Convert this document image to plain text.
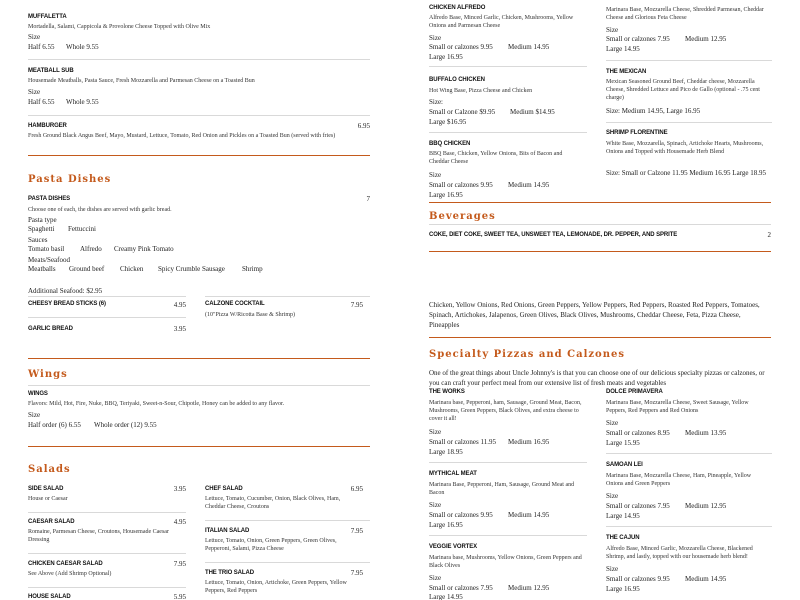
MUFFALETTA
Mortadella, Salami, Cappicola & Provolone Cheese Topped with Olive Mix
Size
Half 6.55 Whole 9.55
MEATBALL SUB
Housemade Meatballs, Pasta Sauce, Fresh Mozzarella and Parmesan Cheese on a Toasted Bun
Size
Half 6.55 Whole 9.55
HAMBURGER	6.95
Fresh Ground Black Angus Beef, Mayo, Mustard, Lettuce, Tomato, Red Onion and Pickles on a Toasted Bun (served with fries)
Pasta Dishes
PASTA DISHES	7
Choose one of each, the dishes are served with garlic bread.
Pasta type
Spaghetti Fettuccini
Sauces
Tomato basil Alfredo Creamy Pink Tomato
Meats/Seafood
Meatballs Ground beef Chicken Spicy Crumble Sausage Shrimp
Additional Seafood: $2.95
CHEESY BREAD STICKS (6)	4.95
GARLIC BREAD	3.95
CALZONE COCKTAIL	7.95
(10"Pizza W/Ricotta Base & Shrimp)
Wings
WINGS
Flavors: Mild, Hot, Fire, Nuke, BBQ, Teriyaki, Sweet-n-Sour, Chipotle, Honey can be added to any flavor.
Size
Half order (6) 6.55 Whole order (12) 9.55
Salads
SIDE SALAD	3.95
House or Caesar
CAESAR SALAD	4.95
Romaine, Parmesan Cheese, Croutons, Housemade Caesar Dressing
CHICKEN CAESAR SALAD	7.95
See Above (Add Shrimp Optional)
HOUSE SALAD	5.95
CHEF SALAD	6.95
Lettuce, Tomato, Cucumber, Onion, Black Olives, Ham, Cheddar Cheese, Croutons
ITALIAN SALAD	7.95
Lettuce, Tomato, Onion, Green Peppers, Green Olives, Pepperoni, Salami, Pizza Cheese
THE TRIO SALAD	7.95
Lettuce, Tomato, Onion, Artichoke, Green Peppers, Yellow Peppers, Red Peppers
CHICKEN ALFREDO
Alfredo Base, Minced Garlic, Chicken, Mushrooms, Yellow Onions and Parmesan Cheese
Size
Small or calzones 9.95 Medium 14.95
Large 16.95
BUFFALO CHICKEN
Hot Wing Base, Pizza Cheese and Chicken
Size:
Small or Calzone $9.95 Medium $14.95
Large $16.95
BBQ CHICKEN
BBQ Base, Chicken, Yellow Onions, Bits of Bacon and Cheddar Cheese
Size
Small or calzones 9.95 Medium 14.95
Large 16.95
Marinara Base, Mozzarella Cheese, Shredded Parmesan, Cheddar Cheese and Glorious Feta Cheese
Size
Small or calzones 7.95 Medium 12.95
Large 14.95
THE MEXICAN
Mexican Seasoned Ground Beef, Cheddar cheese, Mozzarella Cheese, Shredded Lettuce and Pico de Gallo (optional - .75 cent charge)
Size: Medium 14.95, Large 16.95
SHRIMP FLORENTINE
White Base, Mozzarella, Spinach, Artichoke Hearts, Mushrooms, Onions and Topped with Housemade Herb Blend
Size: Small or Calzone 11.95 Medium 16.95 Large 18.95
Beverages
COKE, DIET COKE, SWEET TEA, UNSWEET TEA, LEMONADE, DR. PEPPER, AND SPRITE	2
Chicken, Yellow Onions, Red Onions, Green Peppers, Yellow Peppers, Red Peppers, Roasted Red Peppers, Tomatoes, Spinach, Artichokes, Jalapenos, Green Olives, Black Olives, Mushrooms, Cheddar Cheese, Feta, Pizza Cheese, Pineapples
Specialty Pizzas and Calzones
One of the great things about Uncle Johnny's is that you can choose one of our delicious specialty pizzas or calzones, or you can craft your perfect meal from our extensive list of fresh meats and vegetables
THE WORKS
Marinara base, Pepperoni, ham, Sausage, Ground Meat, Bacon, Mushrooms, Green Peppers, Black Olives, and extra cheese to cover it all!
Size
Small or calzones 11.95 Medium 16.95
Large 18.95
MYTHICAL MEAT
Marinara Base, Pepperoni, Ham, Sausage, Ground Meat and Bacon
Size
Small or calzones 9.95 Medium 14.95
Large 16.95
VEGGIE VORTEX
Marinara base, Mushrooms, Yellow Onions, Green Peppers and Black Olives
Size
Small or calzones 7.95 Medium 12.95
Large 14.95
DOLCE PRIMAVERA
Marinara Base, Mozzarella Cheese, Sweet Sausage, Yellow Peppers, Red Peppers and Red Onions
Size
Small or calzones 8.95 Medium 13.95
Large 15.95
SAMOAN LEI
Marinara Base, Mozzarella Cheese, Ham, Pineapple, Yellow Onions and Green Peppers
Size
Small or calzones 7.95 Medium 12.95
Large 14.95
THE CAJUN
Alfredo Base, Minced Garlic, Mozzarella Cheese, Blackened Shrimp, and lastly, topped with our housemade herb blend!
Size
Small or calzones 9.95 Medium 14.95
Large 16.95
